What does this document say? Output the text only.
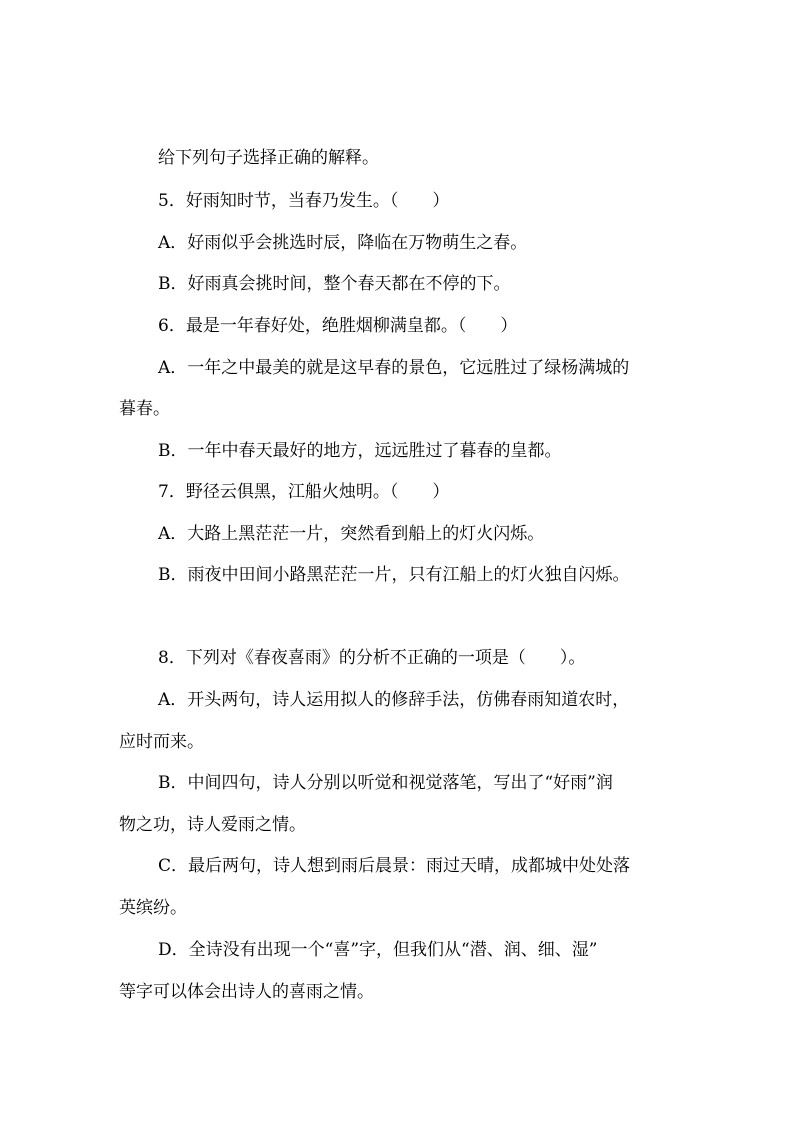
给下列句子选择正确的解释。
5．好雨知时节，当春乃发生。（　　）
A．好雨似乎会挑选时辰，降临在万物萌生之春。
B．好雨真会挑时间，整个春天都在不停的下。
6．最是一年春好处，绝胜烟柳满皇都。（　　）
A．一年之中最美的就是这早春的景色，它远胜过了绿杨满城的
暮春。
B．一年中春天最好的地方，远远胜过了暮春的皇都。
7．野径云俱黑，江船火烛明。（　　）
A．大路上黑茫茫一片，突然看到船上的灯火闪烁。
B．雨夜中田间小路黑茫茫一片，只有江船上的灯火独自闪烁。
8．下列对《春夜喜雨》的分析不正确的一项是（　　）。
A．开头两句，诗人运用拟人的修辞手法，仿佛春雨知道农时，
应时而来。
B．中间四句，诗人分别以听觉和视觉落笔，写出了“好雨”润
物之功，诗人爱雨之情。
C．最后两句，诗人想到雨后晨景：雨过天晴，成都城中处处落
英缤纷。
D．全诗没有出现一个“喜”字，但我们从“潜、润、细、湿”
等字可以体会出诗人的喜雨之情。
